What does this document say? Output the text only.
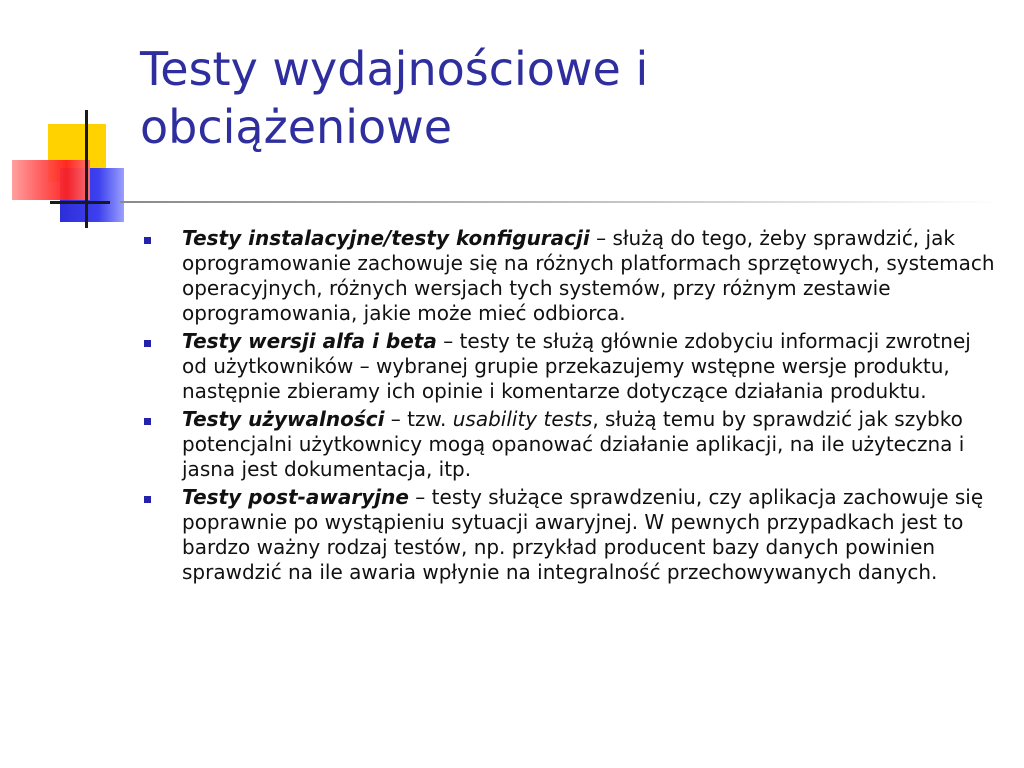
Testy wydajnościowe i obciążeniowe
Testy instalacyjne/testy konfiguracji – służą do tego, żeby sprawdzić, jak oprogramowanie zachowuje się na różnych platformach sprzętowych, systemach operacyjnych, różnych wersjach tych systemów, przy różnym zestawie oprogramowania, jakie może mieć odbiorca.
Testy wersji alfa i beta – testy te służą głównie zdobyciu informacji zwrotnej od użytkowników – wybranej grupie przekazujemy wstępne wersje produktu, następnie zbieramy ich opinie i komentarze dotyczące działania produktu.
Testy używalności – tzw. usability tests, służą temu by sprawdzić jak szybko potencjalni użytkownicy mogą opanować działanie aplikacji, na ile użyteczna i jasna jest dokumentacja, itp.
Testy post-awaryjne – testy służące sprawdzeniu, czy aplikacja zachowuje się poprawnie po wystąpieniu sytuacji awaryjnej. W pewnych przypadkach jest to bardzo ważny rodzaj testów, np. przykład producent bazy danych powinien sprawdzić na ile awaria wpłynie na integralność przechowywanych danych.
